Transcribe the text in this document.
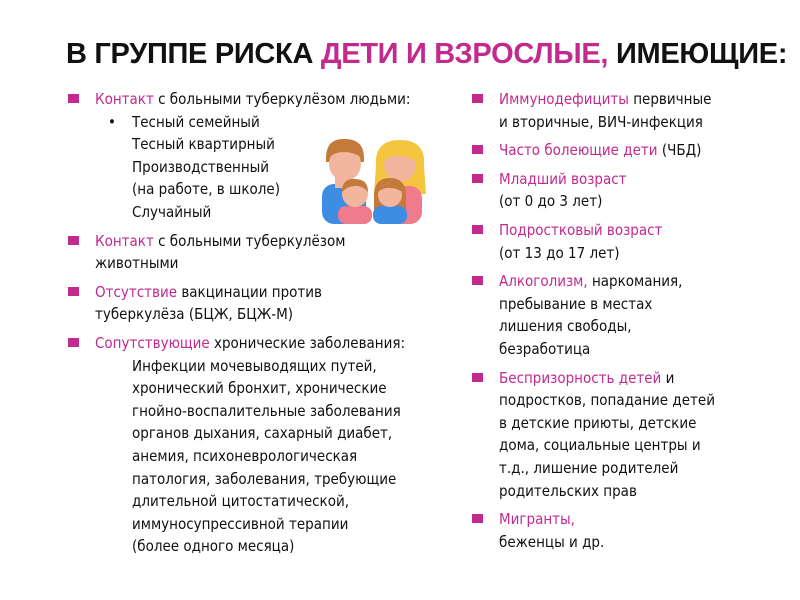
В ГРУППЕ РИСКА ДЕТИ И ВЗРОСЛЫЕ, ИМЕЮЩИЕ:
Контакт с больными туберкулёзом людьми:
• Тесный семейный
Тесный квартирный
Производственный
(на работе, в школе)
Случайный
Контакт с больными туберкулёзом
животными
Отсутствие вакцинации против
туберкулёза (БЦЖ, БЦЖ-М)
Сопутствующие хронические заболевания:
Инфекции мочевыводящих путей,
хронический бронхит, хронические
гнойно-воспалительные заболевания
органов дыхания, сахарный диабет,
анемия, психоневрологическая
патология, заболевания, требующие
длительной цитостатической,
иммуносупрессивной терапии
(более одного месяца)
Иммунодефициты первичные
и вторичные, ВИЧ-инфекция
Часто болеющие дети (ЧБД)
Младший возраст
(от 0 до 3 лет)
Подростковый возраст
(от 13 до 17 лет)
Алкоголизм, наркомания,
пребывание в местах
лишения свободы,
безработица
Беспризорность детей и
подростков, попадание детей
в детские приюты, детские
дома, социальные центры и
т.д., лишение родителей
родительских прав
Мигранты,
беженцы и др.
